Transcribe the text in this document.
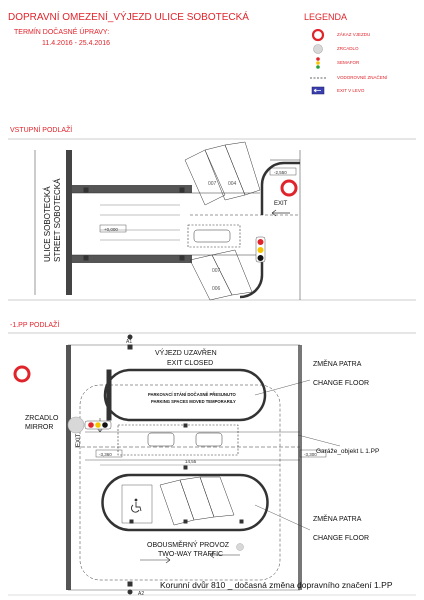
DOPRAVNÍ OMEZENÍ_VÝJEZD ULICE SOBOTECKÁ
TERMÍN DOČASNÉ ÚPRAVY:
11.4.2016 - 25.4.2016
LEGENDA
ZÁKAZ VJEZDU
ZRCADLO
SEMAFOR
VODOROVNÉ ZNAČENÍ
EXIT V LEVO
VSTUPNÍ PODLAŽÍ
007 004
007
006
-2,550
+0,000
-3,360	-3,300
14,55
A1
A2
ULICE SOBOTECKÁ STREET SOBOTECKÁ
EXIT
EXIT
-1.PP PODLAŽÍ
VÝJEZD UZAVŘEN
EXIT CLOSED
PARKOVACÍ STÁNÍ DOČASNĚ PŘESUNUTO
PARKING SPACES MOVED TEMPORARILY
ZMĚNA PATRA
CHANGE FLOOR
ZMĚNA PATRA
CHANGE FLOOR
ZRCADLO
MIRROR
Garáže_objekt L 1.PP
OBOUSMĚRNÝ PROVOZ
TWO-WAY TRAFFIC
Korunní dvůr 810 _ dočasná změna dopravního značení 1.PP
